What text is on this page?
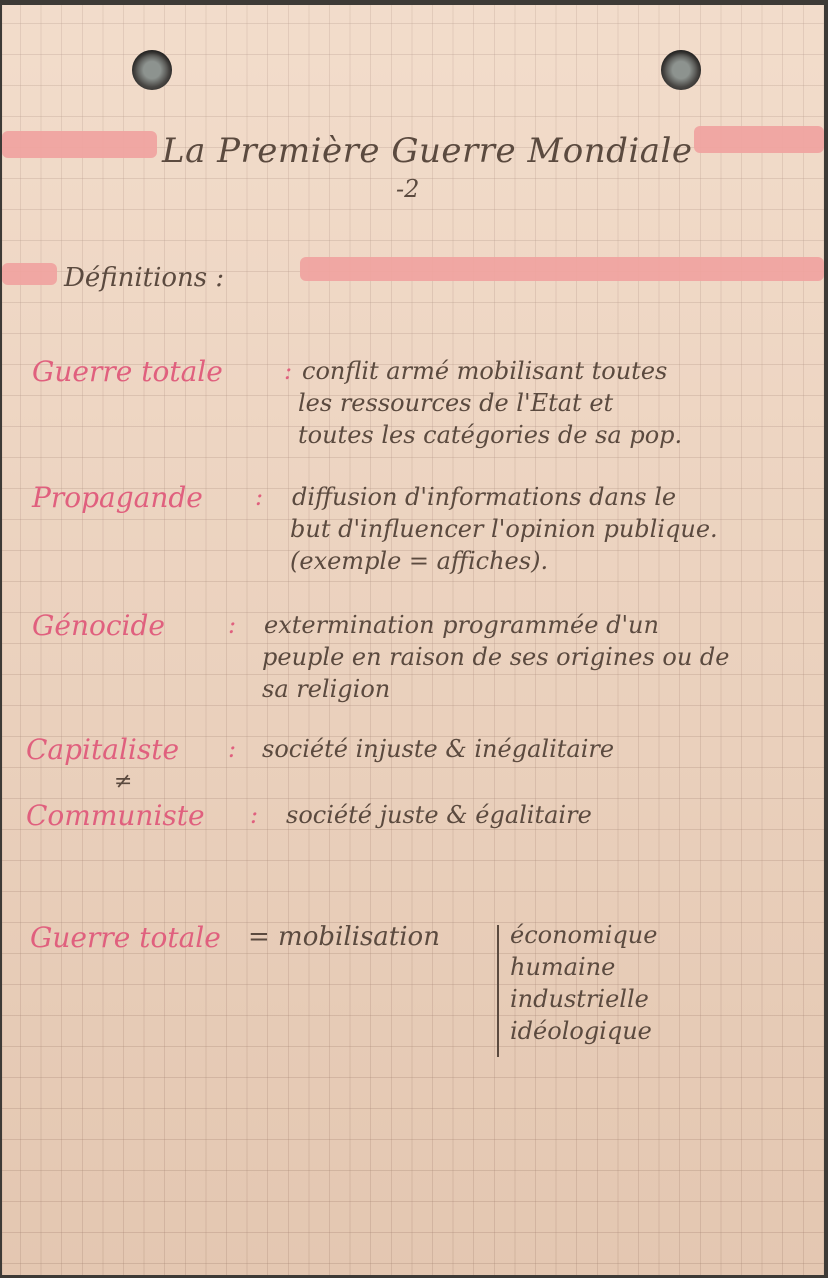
La Première Guerre Mondiale
-2
Définitions :
Guerre totale	: conflit armé mobilisant toutes
les ressources de l'Etat et
toutes les catégories de sa pop.
Propagande : diffusion d'informations dans le
but d'influencer l'opinion publique.
(exemple = affiches).
Génocide	: extermination programmée d'un
peuple en raison de ses origines ou de
sa religion
Capitaliste : société injuste & inégalitaire
≠
Communiste : société juste & égalitaire
Guerre totale = mobilisation	économique
humaine
industrielle
idéologique
